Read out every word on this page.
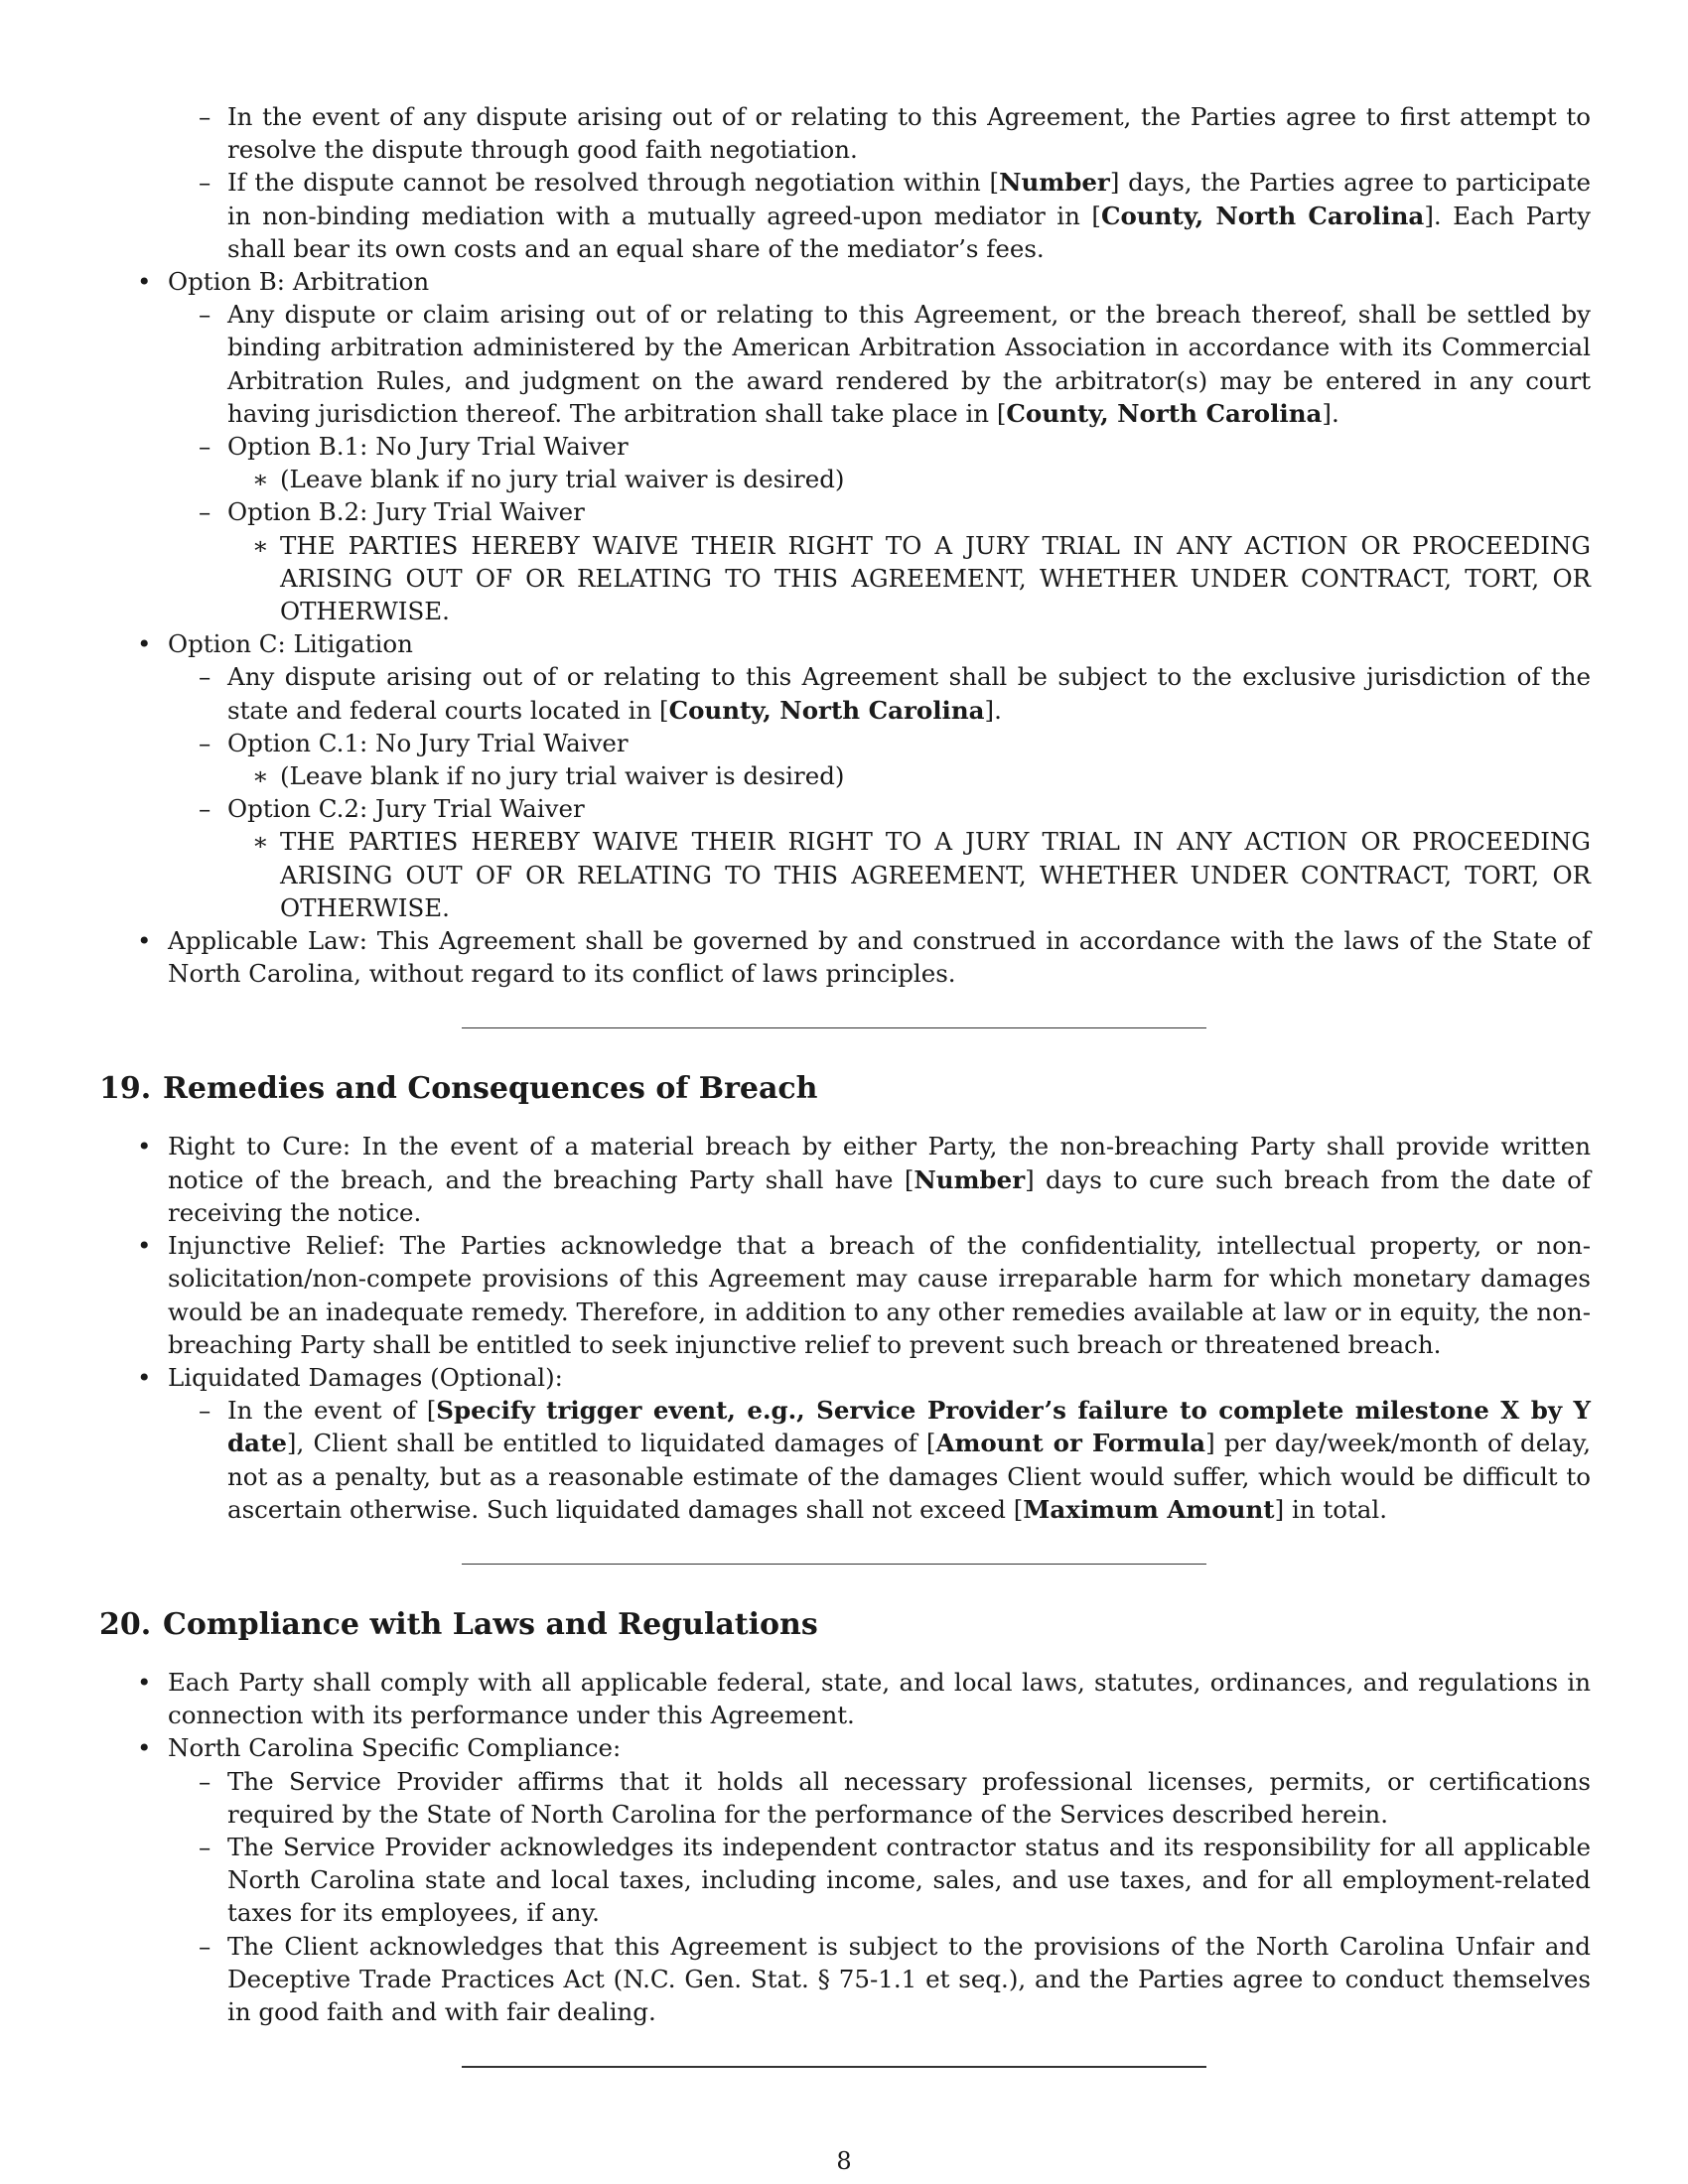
– In the event of any dispute arising out of or relating to this Agreement, the Parties agree to first attempt to resolve the dispute through good faith negotiation.
– If the dispute cannot be resolved through negotiation within [Number] days, the Parties agree to participate in non-binding mediation with a mutually agreed-upon mediator in [County, North Carolina]. Each Party shall bear its own costs and an equal share of the mediator’s fees.
• Option B: Arbitration
– Any dispute or claim arising out of or relating to this Agreement, or the breach thereof, shall be settled by binding arbitration administered by the American Arbitration Association in accordance with its Commercial Arbitration Rules, and judgment on the award rendered by the arbitrator(s) may be entered in any court having jurisdiction thereof. The arbitration shall take place in [County, North Carolina].
– Option B.1: No Jury Trial Waiver
∗ (Leave blank if no jury trial waiver is desired)
– Option B.2: Jury Trial Waiver
∗ THE PARTIES HEREBY WAIVE THEIR RIGHT TO A JURY TRIAL IN ANY ACTION OR PROCEEDING ARISING OUT OF OR RELATING TO THIS AGREEMENT, WHETHER UNDER CONTRACT, TORT, OR OTHERWISE.
• Option C: Litigation
– Any dispute arising out of or relating to this Agreement shall be subject to the exclusive jurisdiction of the state and federal courts located in [County, North Carolina].
– Option C.1: No Jury Trial Waiver
∗ (Leave blank if no jury trial waiver is desired)
– Option C.2: Jury Trial Waiver
∗ THE PARTIES HEREBY WAIVE THEIR RIGHT TO A JURY TRIAL IN ANY ACTION OR PROCEEDING ARISING OUT OF OR RELATING TO THIS AGREEMENT, WHETHER UNDER CONTRACT, TORT, OR OTHERWISE.
• Applicable Law: This Agreement shall be governed by and construed in accordance with the laws of the State of North Carolina, without regard to its conflict of laws principles.
19. Remedies and Consequences of Breach
• Right to Cure: In the event of a material breach by either Party, the non-breaching Party shall provide written notice of the breach, and the breaching Party shall have [Number] days to cure such breach from the date of receiving the notice.
• Injunctive Relief: The Parties acknowledge that a breach of the confidentiality, intellectual property, or non-solicitation/non-compete provisions of this Agreement may cause irreparable harm for which monetary damages would be an inadequate remedy. Therefore, in addition to any other remedies available at law or in equity, the non-breaching Party shall be entitled to seek injunctive relief to prevent such breach or threatened breach.
• Liquidated Damages (Optional):
– In the event of [Specify trigger event, e.g., Service Provider’s failure to complete milestone X by Y date], Client shall be entitled to liquidated damages of [Amount or Formula] per day/week/month of delay, not as a penalty, but as a reasonable estimate of the damages Client would suffer, which would be difficult to ascertain otherwise. Such liquidated damages shall not exceed [Maximum Amount] in total.
20. Compliance with Laws and Regulations
• Each Party shall comply with all applicable federal, state, and local laws, statutes, ordinances, and regulations in connection with its performance under this Agreement.
• North Carolina Specific Compliance:
– The Service Provider affirms that it holds all necessary professional licenses, permits, or certifications required by the State of North Carolina for the performance of the Services described herein.
– The Service Provider acknowledges its independent contractor status and its responsibility for all applicable North Carolina state and local taxes, including income, sales, and use taxes, and for all employment-related taxes for its employees, if any.
– The Client acknowledges that this Agreement is subject to the provisions of the North Carolina Unfair and Deceptive Trade Practices Act (N.C. Gen. Stat. § 75-1.1 et seq.), and the Parties agree to conduct themselves in good faith and with fair dealing.
8
